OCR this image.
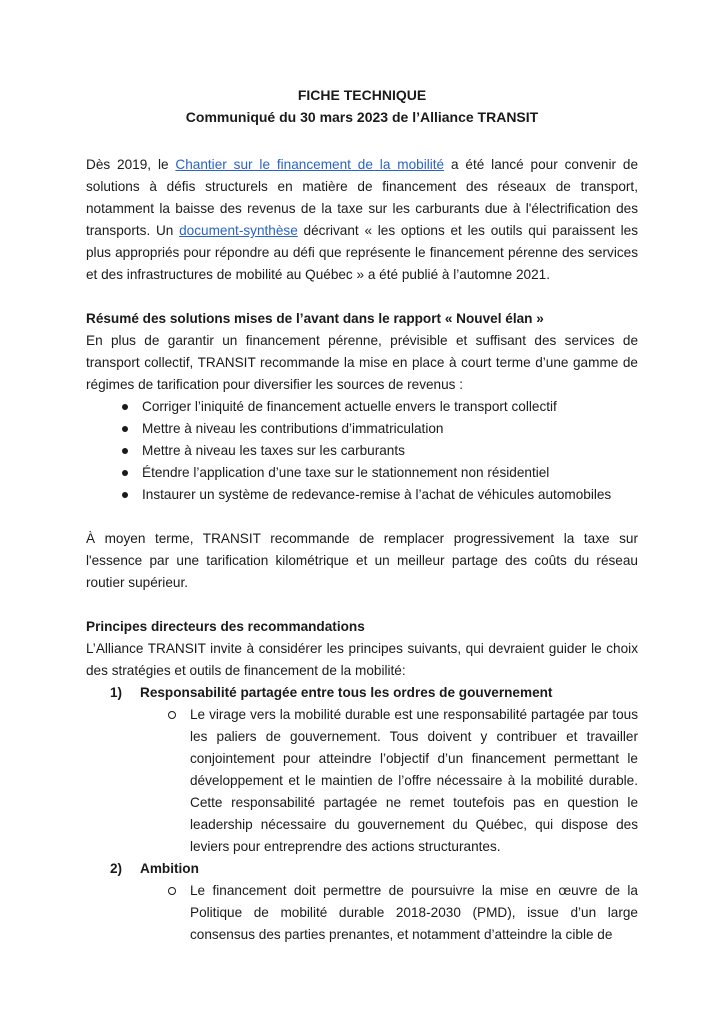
FICHE TECHNIQUE
Communiqué du 30 mars 2023 de l’Alliance TRANSIT

Dès 2019, le Chantier sur le financement de la mobilité a été lancé pour convenir de solutions à défis structurels en matière de financement des réseaux de transport, notamment la baisse des revenus de la taxe sur les carburants due à l'électrification des transports. Un document-synthèse décrivant « les options et les outils qui paraissent les plus appropriés pour répondre au défi que représente le financement pérenne des services et des infrastructures de mobilité au Québec » a été publié à l’automne 2021.

Résumé des solutions mises de l’avant dans le rapport « Nouvel élan »

En plus de garantir un financement pérenne, prévisible et suffisant des services de transport collectif, TRANSIT recommande la mise en place à court terme d’une gamme de régimes de tarification pour diversifier les sources de revenus :

Corriger l’iniquité de financement actuelle envers le transport collectif
Mettre à niveau les contributions d’immatriculation
Mettre à niveau les taxes sur les carburants
Étendre l’application d’une taxe sur le stationnement non résidentiel
Instaurer un système de redevance-remise à l’achat de véhicules automobiles

À moyen terme, TRANSIT recommande de remplacer progressivement la taxe sur l'essence par une tarification kilométrique et un meilleur partage des coûts du réseau routier supérieur.

Principes directeurs des recommandations

L’Alliance TRANSIT invite à considérer les principes suivants, qui devraient guider le choix des stratégies et outils de financement de la mobilité:

1) Responsabilité partagée entre tous les ordres de gouvernement
Le virage vers la mobilité durable est une responsabilité partagée par tous les paliers de gouvernement. Tous doivent y contribuer et travailler conjointement pour atteindre l’objectif d’un financement permettant le développement et le maintien de l’offre nécessaire à la mobilité durable. Cette responsabilité partagée ne remet toutefois pas en question le leadership nécessaire du gouvernement du Québec, qui dispose des leviers pour entreprendre des actions structurantes.
2) Ambition
Le financement doit permettre de poursuivre la mise en œuvre de la Politique de mobilité durable 2018-2030 (PMD), issue d’un large consensus des parties prenantes, et notamment d’atteindre la cible de
